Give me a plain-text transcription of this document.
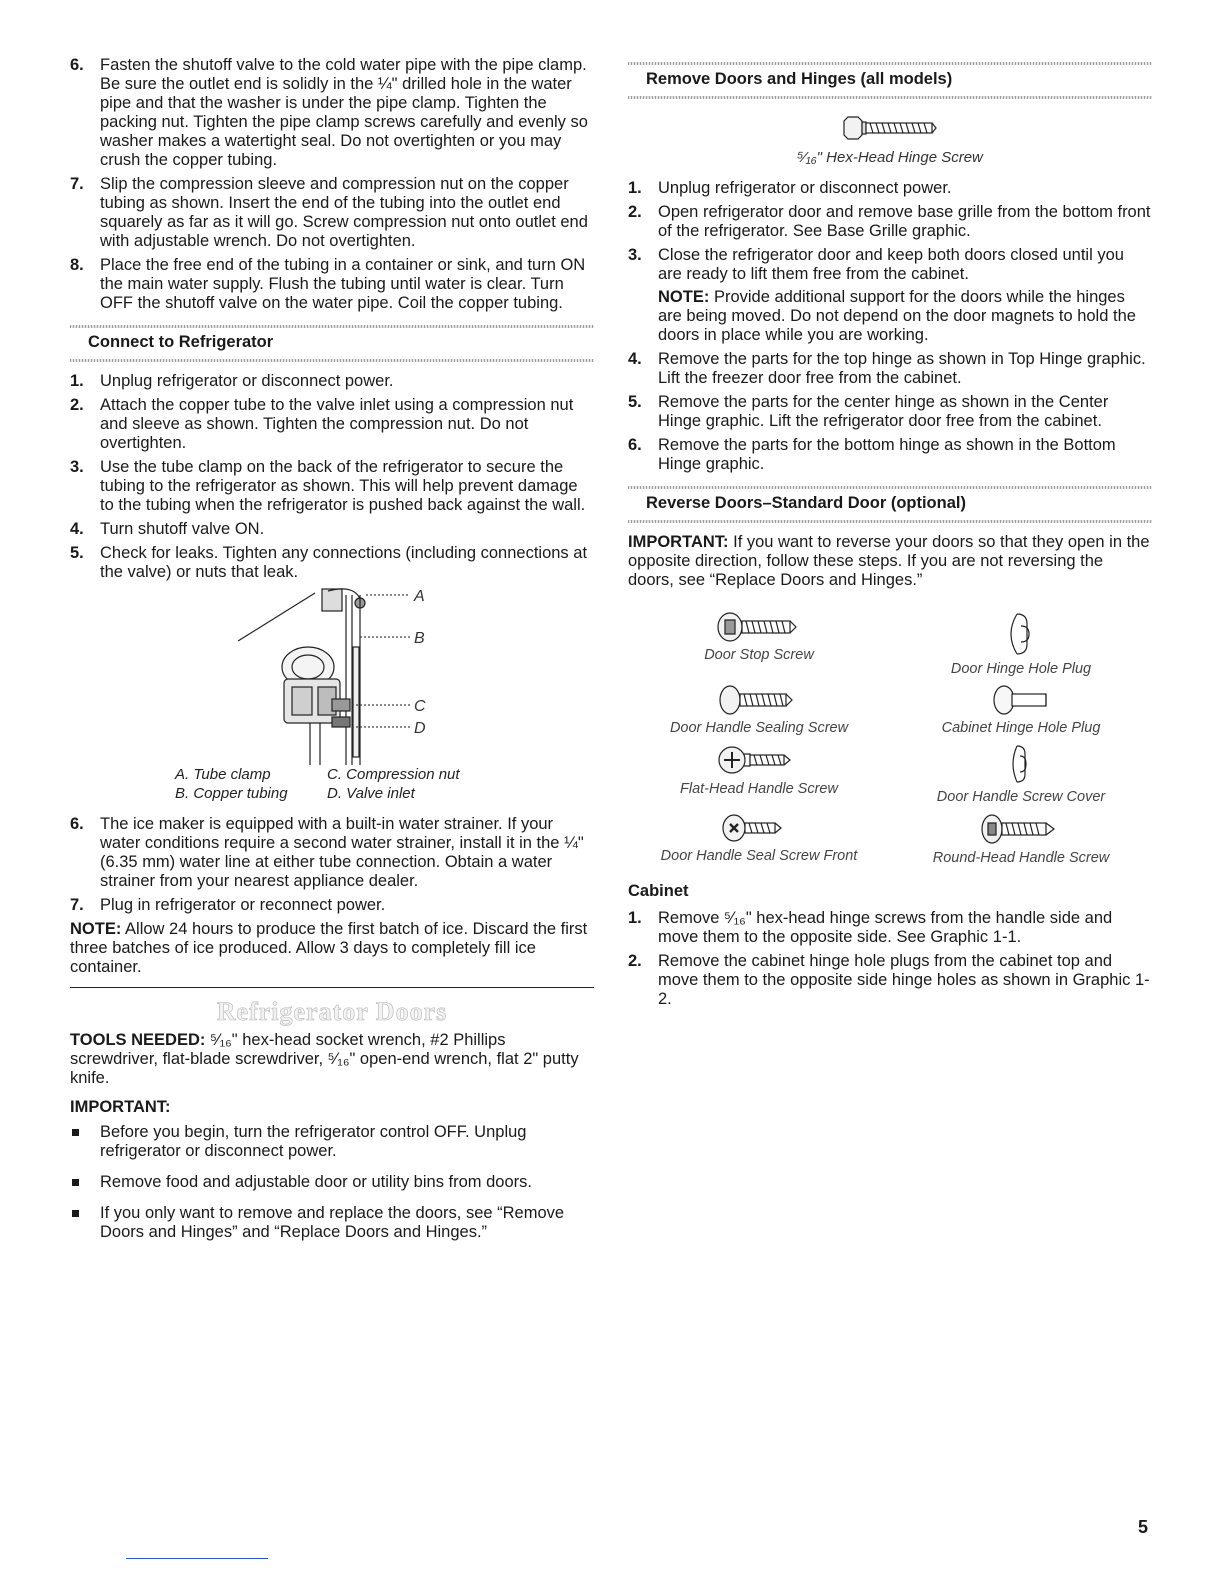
6. Fasten the shutoff valve to the cold water pipe with the pipe clamp. Be sure the outlet end is solidly in the ¼" drilled hole in the water pipe and that the washer is under the pipe clamp. Tighten the packing nut. Tighten the pipe clamp screws carefully and evenly so washer makes a watertight seal. Do not overtighten or you may crush the copper tubing.
7. Slip the compression sleeve and compression nut on the copper tubing as shown. Insert the end of the tubing into the outlet end squarely as far as it will go. Screw compression nut onto outlet end with adjustable wrench. Do not overtighten.
8. Place the free end of the tubing in a container or sink, and turn ON the main water supply. Flush the tubing until water is clear. Turn OFF the shutoff valve on the water pipe. Coil the copper tubing.
Connect to Refrigerator
1. Unplug refrigerator or disconnect power.
2. Attach the copper tube to the valve inlet using a compression nut and sleeve as shown. Tighten the compression nut. Do not overtighten.
3. Use the tube clamp on the back of the refrigerator to secure the tubing to the refrigerator as shown. This will help prevent damage to the tubing when the refrigerator is pushed back against the wall.
4. Turn shutoff valve ON.
5. Check for leaks. Tighten any connections (including connections at the valve) or nuts that leak.
A
B
C
D
A. Tube clamp	C. Compression nut
B. Copper tubing	D. Valve inlet
6. The ice maker is equipped with a built-in water strainer. If your water conditions require a second water strainer, install it in the ¼" (6.35 mm) water line at either tube connection. Obtain a water strainer from your nearest appliance dealer.
7. Plug in refrigerator or reconnect power.

NOTE: Allow 24 hours to produce the first batch of ice. Discard the first three batches of ice produced. Allow 3 days to completely fill ice container.

Refrigerator Doors

TOOLS NEEDED: ⁵⁄₁₆" hex-head socket wrench, #2 Phillips screwdriver, flat-blade screwdriver, ⁵⁄₁₆" open-end wrench, flat 2" putty knife.

IMPORTANT:
Before you begin, turn the refrigerator control OFF. Unplug refrigerator or disconnect power.
Remove food and adjustable door or utility bins from doors.
If you only want to remove and replace the doors, see “Remove Doors and Hinges” and “Replace Doors and Hinges.”
Remove Doors and Hinges (all models)
⁵⁄₁₆" Hex-Head Hinge Screw
1. Unplug refrigerator or disconnect power.
2. Open refrigerator door and remove base grille from the bottom front of the refrigerator. See Base Grille graphic.
3. Close the refrigerator door and keep both doors closed until you are ready to lift them free from the cabinet.
NOTE: Provide additional support for the doors while the hinges are being moved. Do not depend on the door magnets to hold the doors in place while you are working.
4. Remove the parts for the top hinge as shown in Top Hinge graphic. Lift the freezer door free from the cabinet.
5. Remove the parts for the center hinge as shown in the Center Hinge graphic. Lift the refrigerator door free from the cabinet.
6. Remove the parts for the bottom hinge as shown in the Bottom Hinge graphic.
Reverse Doors–Standard Door (optional)

IMPORTANT: If you want to reverse your doors so that they open in the opposite direction, follow these steps. If you are not reversing the doors, see “Replace Doors and Hinges.”

Door Stop Screw
Door Hinge Hole Plug
Door Handle Sealing Screw	Cabinet Hinge Hole Plug
Flat-Head Handle Screw	Door Handle Screw Cover
Door Handle Seal Screw Front	Round-Head Handle Screw
Cabinet
1. Remove ⁵⁄₁₆" hex-head hinge screws from the handle side and move them to the opposite side. See Graphic 1-1.
2. Remove the cabinet hinge hole plugs from the cabinet top and move them to the opposite side hinge holes as shown in Graphic 1-2.
5
